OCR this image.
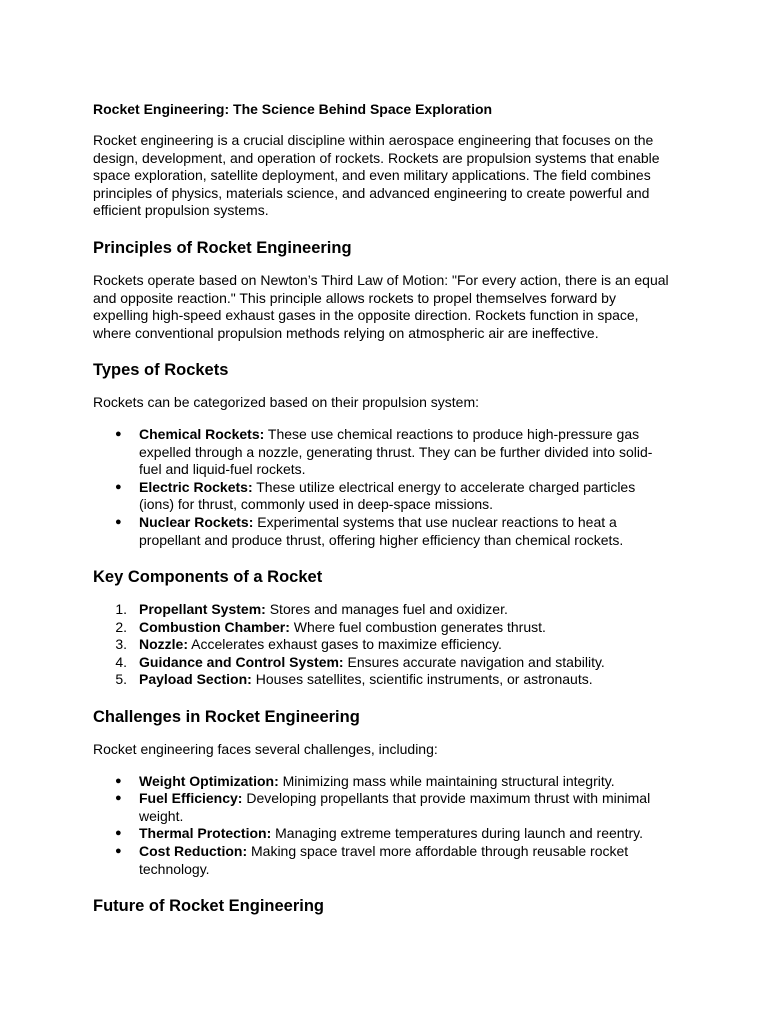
Rocket Engineering: The Science Behind Space Exploration

Rocket engineering is a crucial discipline within aerospace engineering that focuses on the design, development, and operation of rockets. Rockets are propulsion systems that enable space exploration, satellite deployment, and even military applications. The field combines principles of physics, materials science, and advanced engineering to create powerful and efficient propulsion systems.

Principles of Rocket Engineering

Rockets operate based on Newton’s Third Law of Motion: "For every action, there is an equal and opposite reaction." This principle allows rockets to propel themselves forward by expelling high-speed exhaust gases in the opposite direction. Rockets function in space, where conventional propulsion methods relying on atmospheric air are ineffective.

Types of Rockets

Rockets can be categorized based on their propulsion system:

● Chemical Rockets: These use chemical reactions to produce high-pressure gas expelled through a nozzle, generating thrust. They can be further divided into solid-fuel and liquid-fuel rockets.
● Electric Rockets: These utilize electrical energy to accelerate charged particles (ions) for thrust, commonly used in deep-space missions.
● Nuclear Rockets: Experimental systems that use nuclear reactions to heat a propellant and produce thrust, offering higher efficiency than chemical rockets.
Key Components of a Rocket
1. Propellant System: Stores and manages fuel and oxidizer.
2. Combustion Chamber: Where fuel combustion generates thrust.
3. Nozzle: Accelerates exhaust gases to maximize efficiency.
4. Guidance and Control System: Ensures accurate navigation and stability.
5. Payload Section: Houses satellites, scientific instruments, or astronauts.
Challenges in Rocket Engineering

Rocket engineering faces several challenges, including:

● Weight Optimization: Minimizing mass while maintaining structural integrity.
● Fuel Efficiency: Developing propellants that provide maximum thrust with minimal weight.
● Thermal Protection: Managing extreme temperatures during launch and reentry.
● Cost Reduction: Making space travel more affordable through reusable rocket technology.
Future of Rocket Engineering
